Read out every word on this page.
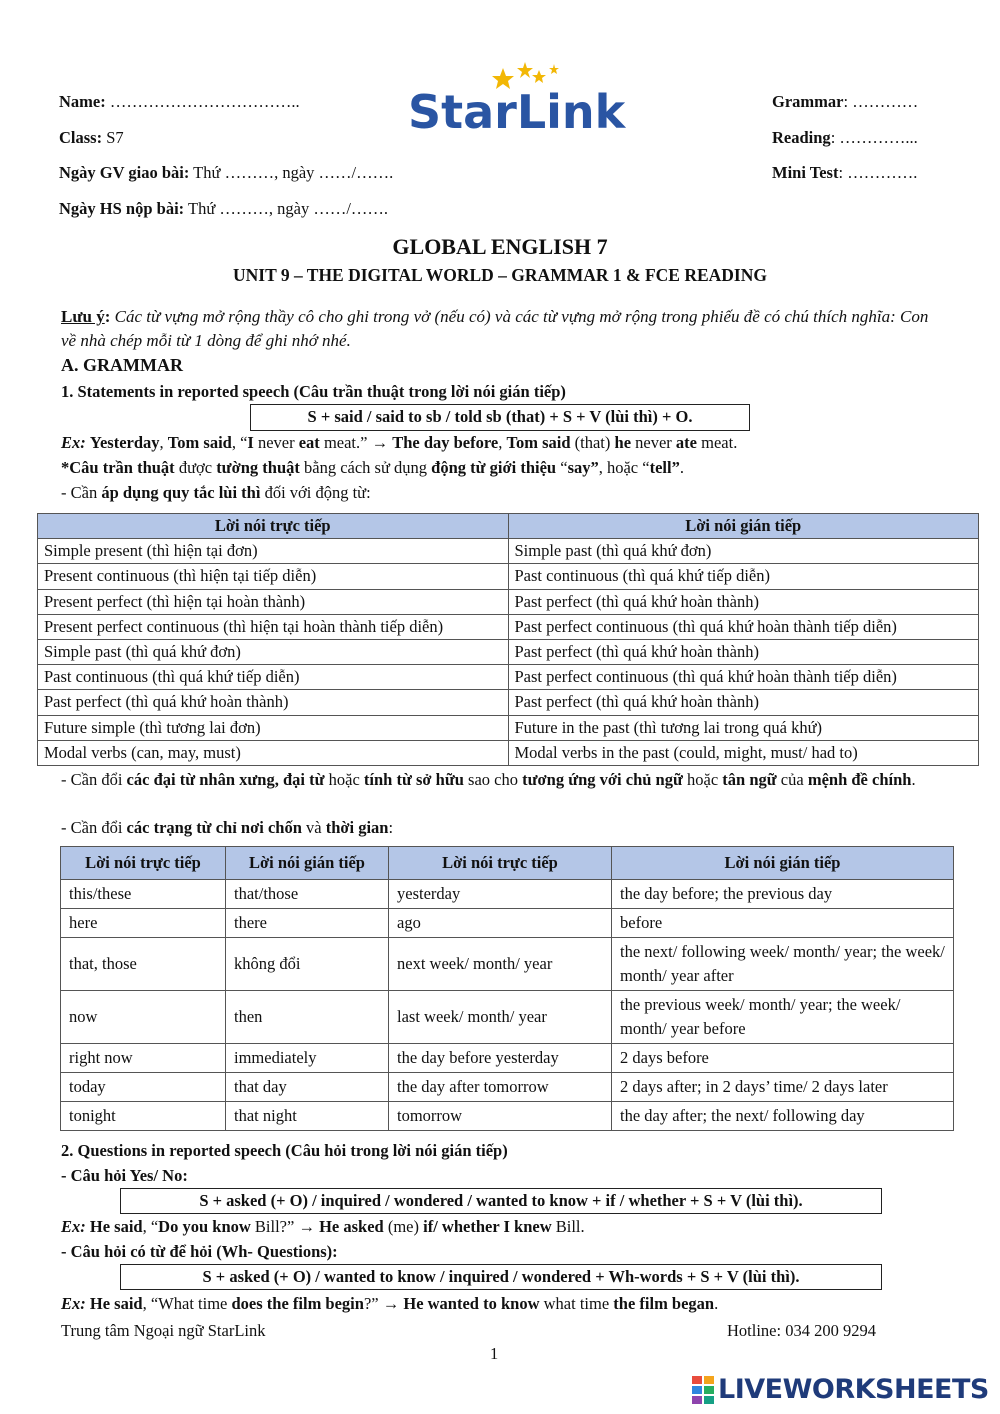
Name: ……………………………..
Class: S7
Ngày GV giao bài: Thứ ………, ngày ……/…….
Ngày HS nộp bài: Thứ ………, ngày ……/…….
Grammar: …………
Reading: …………...
Mini Test: ………….
StarLink
GLOBAL ENGLISH 7
UNIT 9 – THE DIGITAL WORLD – GRAMMAR 1 & FCE READING
Lưu ý: Các từ vựng mở rộng thầy cô cho ghi trong vở (nếu có) và các từ vựng mở rộng trong phiếu đề có chú thích nghĩa: Con về nhà chép mỗi từ 1 dòng để ghi nhớ nhé.
A. GRAMMAR
1. Statements in reported speech (Câu trần thuật trong lời nói gián tiếp)
S + said / said to sb / told sb (that) + S + V (lùi thì) + O.
Ex: Yesterday, Tom said, “I never eat meat.” → The day before, Tom said (that) he never ate meat.
*Câu trần thuật được tường thuật bằng cách sử dụng động từ giới thiệu “say”, hoặc “tell”.
- Cần áp dụng quy tắc lùi thì đối với động từ:
Lời nói trực tiếp	Lời nói gián tiếp
Simple present (thì hiện tại đơn)	Simple past (thì quá khứ đơn)
Present continuous (thì hiện tại tiếp diễn)	Past continuous (thì quá khứ tiếp diễn)
Present perfect (thì hiện tại hoàn thành)	Past perfect (thì quá khứ hoàn thành)
Present perfect continuous (thì hiện tại hoàn thành tiếp diễn)	Past perfect continuous (thì quá khứ hoàn thành tiếp diễn)
Simple past (thì quá khứ đơn)	Past perfect (thì quá khứ hoàn thành)
Past continuous (thì quá khứ tiếp diễn)	Past perfect continuous (thì quá khứ hoàn thành tiếp diễn)
Past perfect (thì quá khứ hoàn thành)	Past perfect (thì quá khứ hoàn thành)
Future simple (thì tương lai đơn)	Future in the past (thì tương lai trong quá khứ)
Modal verbs (can, may, must)	Modal verbs in the past (could, might, must/ had to)
- Cần đổi các đại từ nhân xưng, đại từ hoặc tính từ sở hữu sao cho tương ứng với chủ ngữ hoặc tân ngữ của mệnh đề chính.
- Cần đổi các trạng từ chỉ nơi chốn và thời gian:
Lời nói trực tiếp	Lời nói gián tiếp	Lời nói trực tiếp	Lời nói gián tiếp
this/these	that/those	yesterday	the day before; the previous day
here	there	ago	before
that, those	không đổi	next week/ month/ year	the next/ following week/ month/ year; the week/ month/ year after
now	then	last week/ month/ year	the previous week/ month/ year; the week/ month/ year before
right now	immediately	the day before yesterday	2 days before
today	that day	the day after tomorrow	2 days after; in 2 days’ time/ 2 days later
tonight	that night	tomorrow	the day after; the next/ following day
2. Questions in reported speech (Câu hỏi trong lời nói gián tiếp)
- Câu hỏi Yes/ No:
S + asked (+ O) / inquired / wondered / wanted to know + if / whether + S + V (lùi thì).
Ex: He said, “Do you know Bill?” → He asked (me) if/ whether I knew Bill.
- Câu hỏi có từ để hỏi (Wh- Questions):
S + asked (+ O) / wanted to know / inquired / wondered + Wh-words + S + V (lùi thì).
Ex: He said, “What time does the film begin?” → He wanted to know what time the film began.
Trung tâm Ngoại ngữ StarLink	Hotline: 034 200 9294
1
LIVEWORKSHEETS
